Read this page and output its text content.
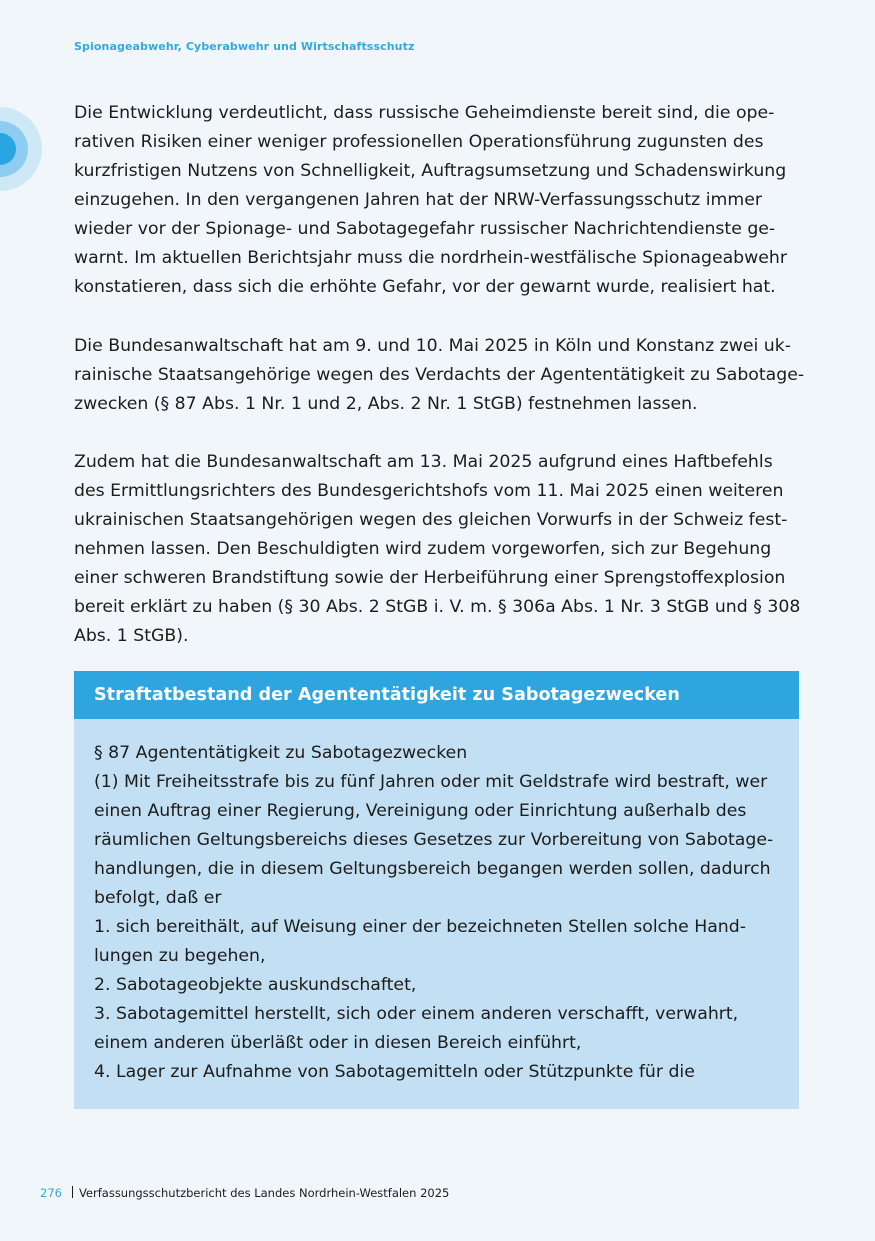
Spionageabwehr, Cyberabwehr und Wirtschaftsschutz
Die Entwicklung verdeutlicht, dass russische Geheimdienste bereit sind, die ope-
rativen Risiken einer weniger professionellen Operationsführung zugunsten des
kurzfristigen Nutzens von Schnelligkeit, Auftragsumsetzung und Schadenswirkung
einzugehen. In den vergangenen Jahren hat der NRW-Verfassungsschutz immer
wieder vor der Spionage- und Sabotagegefahr russischer Nachrichtendienste ge-
warnt. Im aktuellen Berichtsjahr muss die nordrhein-westfälische Spionageabwehr
konstatieren, dass sich die erhöhte Gefahr, vor der gewarnt wurde, realisiert hat.
Die Bundesanwaltschaft hat am 9. und 10. Mai 2025 in Köln und Konstanz zwei uk-
rainische Staatsangehörige wegen des Verdachts der Agententätigkeit zu Sabotage-
zwecken (§ 87 Abs. 1 Nr. 1 und 2, Abs. 2 Nr. 1 StGB) festnehmen lassen.
Zudem hat die Bundesanwaltschaft am 13. Mai 2025 aufgrund eines Haftbefehls
des Ermittlungsrichters des Bundesgerichtshofs vom 11. Mai 2025 einen weiteren
ukrainischen Staatsangehörigen wegen des gleichen Vorwurfs in der Schweiz fest-
nehmen lassen. Den Beschuldigten wird zudem vorgeworfen, sich zur Begehung
einer schweren Brandstiftung sowie der Herbeiführung einer Sprengstoffexplosion
bereit erklärt zu haben (§ 30 Abs. 2 StGB i. V. m. § 306a Abs. 1 Nr. 3 StGB und § 308
Abs. 1 StGB).
Straftatbestand der Agententätigkeit zu Sabotagezwecken
§ 87 Agententätigkeit zu Sabotagezwecken
(1) Mit Freiheitsstrafe bis zu fünf Jahren oder mit Geldstrafe wird bestraft, wer
einen Auftrag einer Regierung, Vereinigung oder Einrichtung außerhalb des
räumlichen Geltungsbereichs dieses Gesetzes zur Vorbereitung von Sabotage-
handlungen, die in diesem Geltungsbereich begangen werden sollen, dadurch
befolgt, daß er
1. sich bereithält, auf Weisung einer der bezeichneten Stellen solche Hand-
lungen zu begehen,
2. Sabotageobjekte auskundschaftet,
3. Sabotagemittel herstellt, sich oder einem anderen verschafft, verwahrt,
einem anderen überläßt oder in diesen Bereich einführt,
4. Lager zur Aufnahme von Sabotagemitteln oder Stützpunkte für die
276 Verfassungsschutzbericht des Landes Nordrhein-Westfalen 2025
